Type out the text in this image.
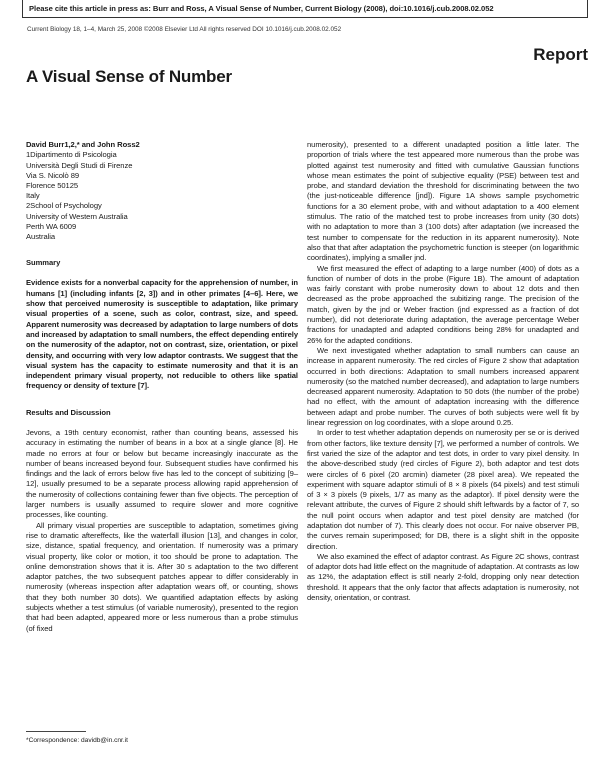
Please cite this article in press as: Burr and Ross, A Visual Sense of Number, Current Biology (2008), doi:10.1016/j.cub.2008.02.052
Current Biology 18, 1–4, March 25, 2008 ©2008 Elsevier Ltd All rights reserved DOI 10.1016/j.cub.2008.02.052
Report
A Visual Sense of Number

David Burr1,2,* and John Ross2

1Dipartimento di Psicologia
Università Degli Studi di Firenze
Via S. Nicolò 89
Florence 50125
Italy
2School of Psychology
University of Western Australia
Perth WA 6009
Australia

Summary

Evidence exists for a nonverbal capacity for the apprehension of number, in humans [1] (including infants [2, 3]) and in other primates [4–6]. Here, we show that perceived numerosity is susceptible to adaptation, like primary visual properties of a scene, such as color, contrast, size, and speed. Apparent numerosity was decreased by adaptation to large numbers of dots and increased by adaptation to small numbers, the effect depending entirely on the numerosity of the adaptor, not on contrast, size, orientation, or pixel density, and occurring with very low adaptor contrasts. We suggest that the visual system has the capacity to estimate numerosity and that it is an independent primary visual property, not reducible to others like spatial frequency or density of texture [7].

Results and Discussion

Jevons, a 19th century economist, rather than counting beans, assessed his accuracy in estimating the number of beans in a box at a single glance [8]. He made no errors at four or below but became increasingly inaccurate as the number of beans increased beyond four. Subsequent studies have confirmed his findings and the lack of errors below five has led to the concept of subitizing [9–12], usually presumed to be a separate process allowing rapid apprehension of the numerosity of collections containing fewer than five objects. The perception of larger numbers is usually assumed to require slower and more cognitive processes, like counting.

All primary visual properties are susceptible to adaptation, sometimes giving rise to dramatic aftereffects, like the waterfall illusion [13], and changes in color, size, distance, spatial frequency, and orientation. If numerosity was a primary visual property, like color or motion, it too should be prone to adaptation. The online demonstration shows that it is. After 30 s adaptation to the two different adaptor patches, the two subsequent patches appear to differ considerably in numerosity (whereas inspection after adaptation wears off, or counting, shows that they both number 30 dots). We quantified adaptation effects by asking subjects whether a test stimulus (of variable numerosity), presented to the region that had been adapted, appeared more or less numerous than a probe stimulus (of fixed

numerosity), presented to a different unadapted position a little later. The proportion of trials where the test appeared more numerous than the probe was plotted against test numerosity and fitted with cumulative Gaussian functions whose mean estimates the point of subjective equality (PSE) between test and probe, and standard deviation the threshold for discriminating between the two (the just-noticeable difference [jnd]). Figure 1A shows sample psychometric functions for a 30 element probe, with and without adaptation to a 400 element stimulus. The ratio of the matched test to probe increases from unity (30 dots) with no adaptation to more than 3 (100 dots) after adaptation (we increased the test number to compensate for the reduction in its apparent numerosity). Note also that that after adaptation the psychometric function is steeper (on logarithmic coordinates), implying a smaller jnd.

We first measured the effect of adapting to a large number (400) of dots as a function of number of dots in the probe (Figure 1B). The amount of adaptation was fairly constant with probe numerosity down to about 12 dots and then decreased as the probe approached the subitizing range. The precision of the match, given by the jnd or Weber fraction (jnd expressed as a fraction of dot number), did not deteriorate during adaptation, the average percentage Weber fractions for unadapted and adapted conditions being 28% for unadapted and 26% for the adapted conditions.

We next investigated whether adaptation to small numbers can cause an increase in apparent numerosity. The red circles of Figure 2 show that adaptation occurred in both directions: Adaptation to small numbers increased apparent numerosity (so the matched number decreased), and adaptation to large numbers decreased apparent numerosity. Adaptation to 50 dots (the number of the probe) had no effect, with the amount of adaptation increasing with the difference between adapt and probe number. The curves of both subjects were well fit by linear regression on log coordinates, with a slope around 0.25.

In order to test whether adaptation depends on numerosity per se or is derived from other factors, like texture density [7], we performed a number of controls. We first varied the size of the adaptor and test dots, in order to vary pixel density. In the above-described study (red circles of Figure 2), both adaptor and test dots were circles of 6 pixel (20 arcmin) diameter (28 pixel area). We repeated the experiment with square adaptor stimuli of 8 × 8 pixels (64 pixels) and test stimuli of 3 × 3 pixels (9 pixels, 1/7 as many as the adaptor). If pixel density were the relevant attribute, the curves of Figure 2 should shift leftwards by a factor of 7, so the null point occurs when adaptor and test pixel density are matched (for adaptation dot number of 7). This clearly does not occur. For naive observer PB, the curves remain superimposed; for DB, there is a slight shift in the opposite direction.

We also examined the effect of adaptor contrast. As Figure 2C shows, contrast of adaptor dots had little effect on the magnitude of adaptation. At contrasts as low as 12%, the adaptation effect is still nearly 2-fold, dropping only near detection threshold. It appears that the only factor that affects adaptation is numerosity, not density, orientation, or contrast.

*Correspondence: davidb@in.cnr.it
